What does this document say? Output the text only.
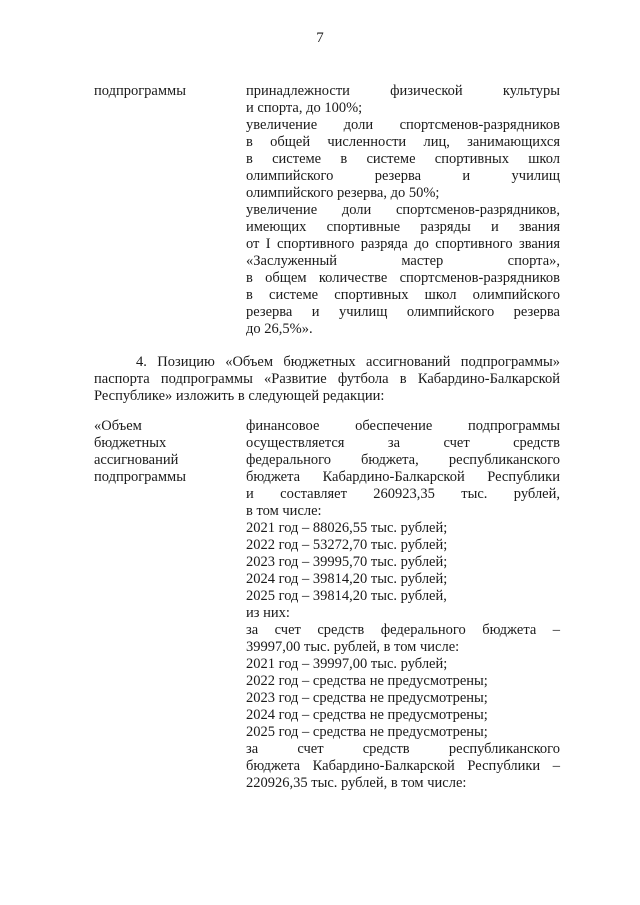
7
подпрограммы	принадлежности физической культуры
и спорта, до 100%;
увеличение доли спортсменов-разрядников
в общей численности лиц, занимающихся
в системе в системе спортивных школ
олимпийского резерва и училищ
олимпийского резерва, до 50%;
увеличение доли спортсменов-разрядников,
имеющих спортивные разряды и звания
от I спортивного разряда до спортивного звания
«Заслуженный мастер спорта»,
в общем количестве спортсменов-разрядников
в системе спортивных школ олимпийского
резерва и училищ олимпийского резерва
до 26,5%».
4. Позицию «Объем бюджетных ассигнований подпрограммы»
паспорта подпрограммы «Развитие футбола в Кабардино-Балкарской
Республике» изложить в следующей редакции:
«Объем
бюджетных
ассигнований
подпрограммы
финансовое обеспечение подпрограммы
осуществляется за счет средств
федерального бюджета, республиканского
бюджета Кабардино-Балкарской Республики
и составляет 260923,35 тыс. рублей,
в том числе:
2021 год – 88026,55 тыс. рублей;
2022 год – 53272,70 тыс. рублей;
2023 год – 39995,70 тыс. рублей;
2024 год – 39814,20 тыс. рублей;
2025 год – 39814,20 тыс. рублей,
из них:
за счет средств федерального бюджета –
39997,00 тыс. рублей, в том числе:
2021 год – 39997,00 тыс. рублей;
2022 год – средства не предусмотрены;
2023 год – средства не предусмотрены;
2024 год – средства не предусмотрены;
2025 год – средства не предусмотрены;
за счет средств республиканского
бюджета Кабардино-Балкарской Республики –
220926,35 тыс. рублей, в том числе:
